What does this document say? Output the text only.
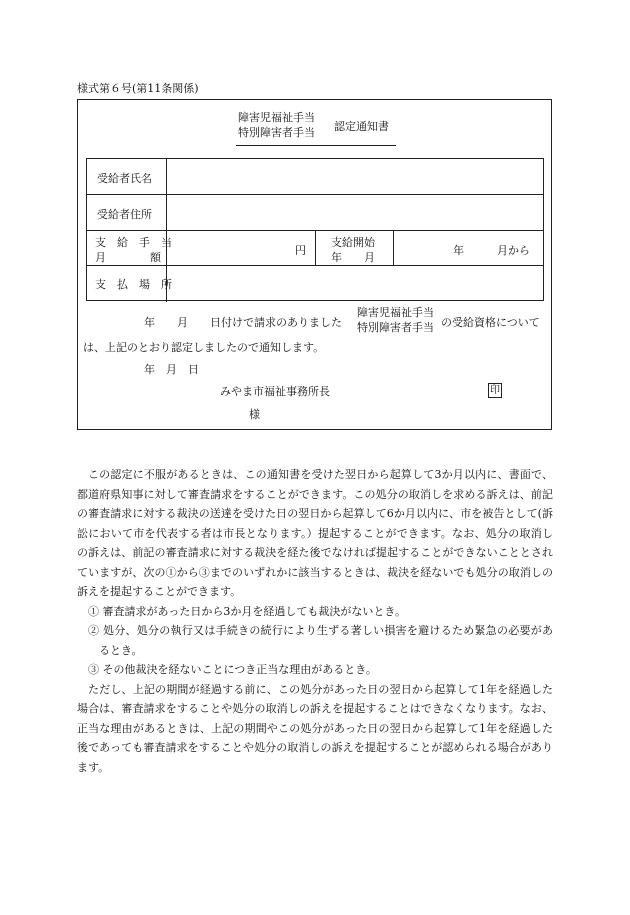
様式第６号(第11条関係)
障害児福祉手当
特別障害者手当 認定通知書
受給者氏名
受給者住所
支　給　手　当
月　　　　額
円
支給開始
年　　月
年　　　月から
支　払　場　所
年　　月　　日付けで請求のありました
障害児福祉手当
特別障害者手当 の受給資格について
は、上記のとおり認定しましたので通知します。
年　月　日
みやま市福祉事務所長	印
様

この認定に不服があるときは、この通知書を受けた翌日から起算して3か月以内に、書面で、都道府県知事に対して審査請求をすることができます。この処分の取消しを求める訴えは、前記の審査請求に対する裁決の送達を受けた日の翌日から起算して6か月以内に、市を被告として(訴訟において市を代表する者は市長となります。）提起することができます。なお、処分の取消しの訴えは、前記の審査請求に対する裁決を経た後でなければ提起することができないこととされていますが、次の①から③までのいずれかに該当するときは、裁決を経ないでも処分の取消しの訴えを提起することができます。

① 審査請求があった日から3か月を経過しても裁決がないとき。

② 処分、処分の執行又は手続きの続行により生ずる著しい損害を避けるため緊急の必要があるとき。

③ その他裁決を経ないことにつき正当な理由があるとき。

ただし、上記の期間が経過する前に、この処分があった日の翌日から起算して1年を経過した場合は、審査請求をすることや処分の取消しの訴えを提起することはできなくなります。なお、正当な理由があるときは、上記の期間やこの処分があった日の翌日から起算して1年を経過した後であっても審査請求をすることや処分の取消しの訴えを提起することが認められる場合があります。
